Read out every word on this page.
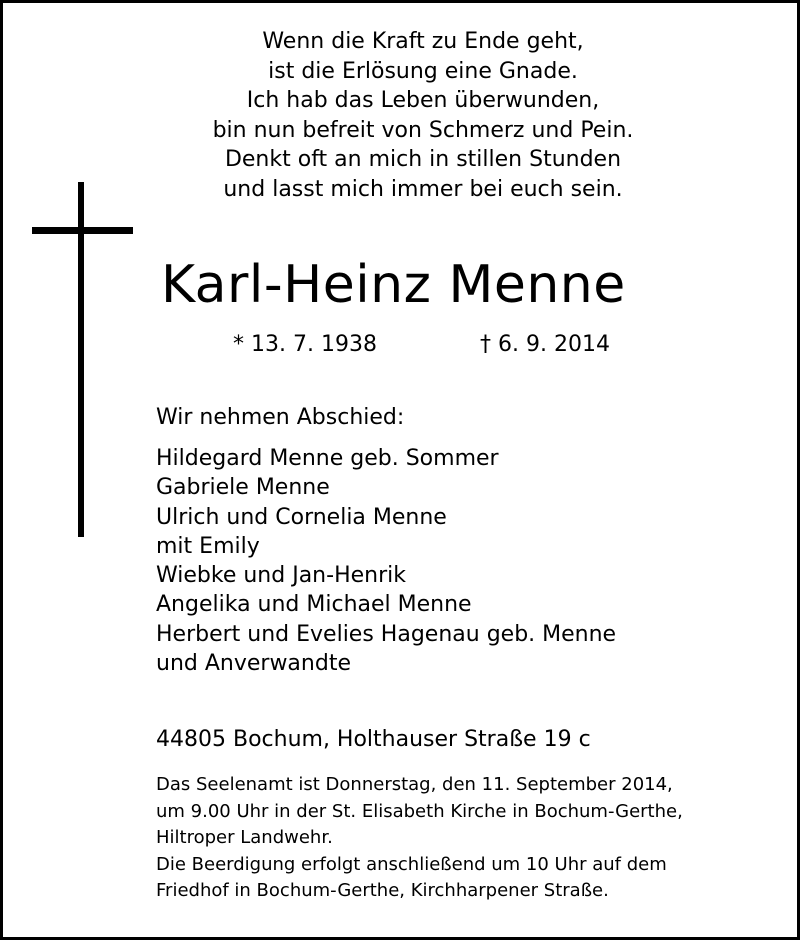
Wenn die Kraft zu Ende geht,
ist die Erlösung eine Gnade.
Ich hab das Leben überwunden,
bin nun befreit von Schmerz und Pein.
Denkt oft an mich in stillen Stunden
und lasst mich immer bei euch sein.
Karl-Heinz Menne
* 13. 7. 1938	† 6. 9. 2014
Wir nehmen Abschied:
Hildegard Menne geb. Sommer
Gabriele Menne
Ulrich und Cornelia Menne
mit Emily
Wiebke und Jan-Henrik
Angelika und Michael Menne
Herbert und Evelies Hagenau geb. Menne
und Anverwandte
44805 Bochum, Holthauser Straße 19 c
Das Seelenamt ist Donnerstag, den 11. September 2014,
um 9.00 Uhr in der St. Elisabeth Kirche in Bochum-Gerthe,
Hiltroper Landwehr.
Die Beerdigung erfolgt anschließend um 10 Uhr auf dem
Friedhof in Bochum-Gerthe, Kirchharpener Straße.
